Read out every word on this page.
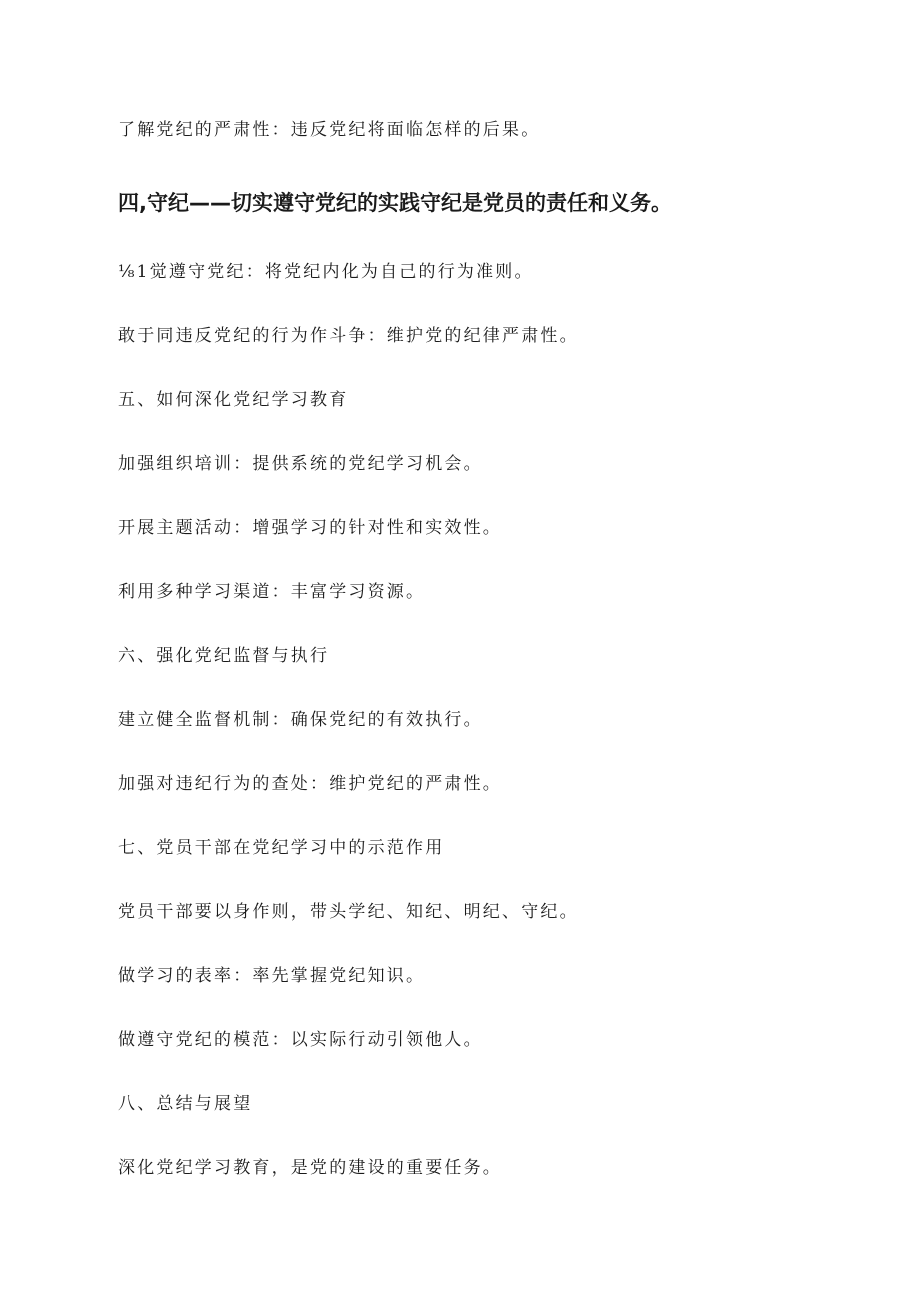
了解党纪的严肃性：违反党纪将面临怎样的后果。
四,守纪——切实遵守党纪的实践守纪是党员的责任和义务。
⅛1觉遵守党纪：将党纪内化为自己的行为准则。
敢于同违反党纪的行为作斗争：维护党的纪律严肃性。
五、如何深化党纪学习教育
加强组织培训：提供系统的党纪学习机会。
开展主题活动：增强学习的针对性和实效性。
利用多种学习渠道：丰富学习资源。
六、强化党纪监督与执行
建立健全监督机制：确保党纪的有效执行。
加强对违纪行为的查处：维护党纪的严肃性。
七、党员干部在党纪学习中的示范作用
党员干部要以身作则，带头学纪、知纪、明纪、守纪。
做学习的表率：率先掌握党纪知识。
做遵守党纪的模范：以实际行动引领他人。
八、总结与展望
深化党纪学习教育，是党的建设的重要任务。
